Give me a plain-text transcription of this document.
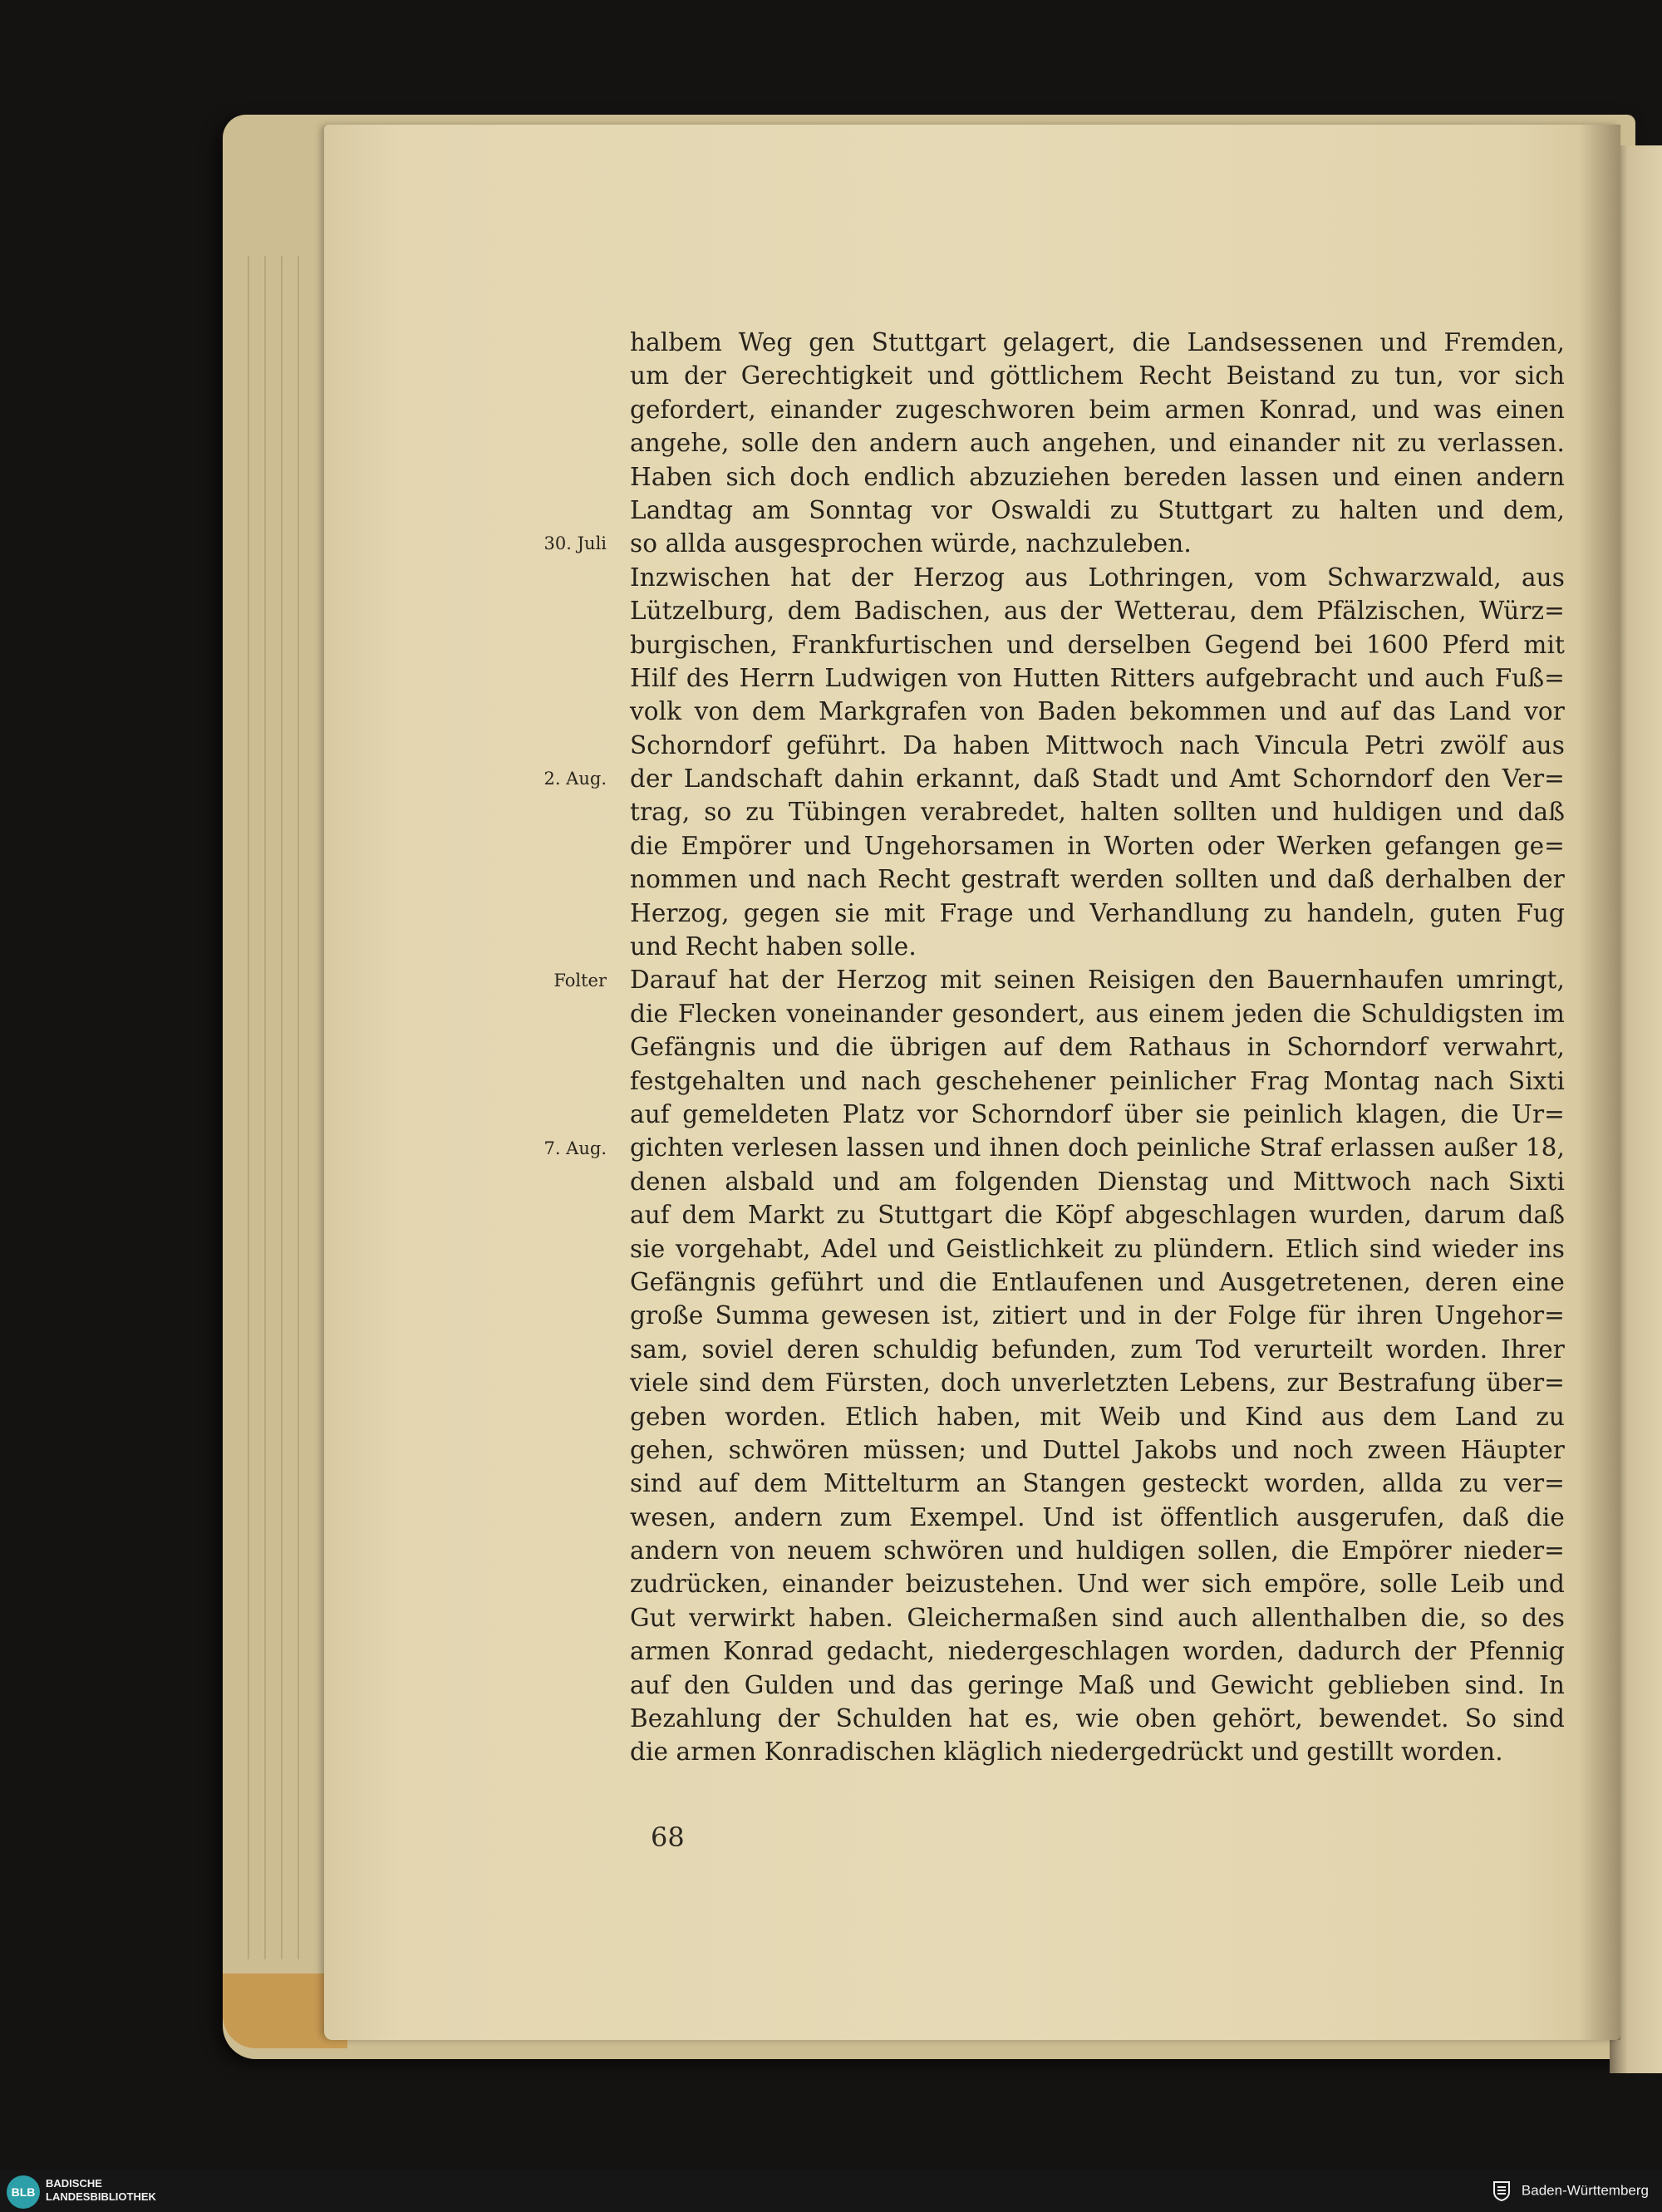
halbem Weg gen Stuttgart gelagert, die Landsessenen und Fremden,
um der Gerechtigkeit und göttlichem Recht Beistand zu tun, vor sich
gefordert, einander zugeschworen beim armen Konrad, und was einen
angehe, solle den andern auch angehen, und einander nit zu verlassen.
Haben sich doch endlich abzuziehen bereden lassen und einen andern
Landtag am Sonntag vor Oswaldi zu Stuttgart zu halten und dem,
so allda ausgesprochen würde, nachzuleben.
Inzwischen hat der Herzog aus Lothringen, vom Schwarzwald, aus
Lützelburg, dem Badischen, aus der Wetterau, dem Pfälzischen, Würz=
burgischen, Frankfurtischen und derselben Gegend bei 1600 Pferd mit
Hilf des Herrn Ludwigen von Hutten Ritters aufgebracht und auch Fuß=
volk von dem Markgrafen von Baden bekommen und auf das Land vor
Schorndorf geführt. Da haben Mittwoch nach Vincula Petri zwölf aus
der Landschaft dahin erkannt, daß Stadt und Amt Schorndorf den Ver=
trag, so zu Tübingen verabredet, halten sollten und huldigen und daß
die Empörer und Ungehorsamen in Worten oder Werken gefangen ge=
nommen und nach Recht gestraft werden sollten und daß derhalben der
Herzog, gegen sie mit Frage und Verhandlung zu handeln, guten Fug
und Recht haben solle.
Darauf hat der Herzog mit seinen Reisigen den Bauernhaufen umringt,
die Flecken voneinander gesondert, aus einem jeden die Schuldigsten im
Gefängnis und die übrigen auf dem Rathaus in Schorndorf verwahrt,
festgehalten und nach geschehener peinlicher Frag Montag nach Sixti
auf gemeldeten Platz vor Schorndorf über sie peinlich klagen, die Ur=
gichten verlesen lassen und ihnen doch peinliche Straf erlassen außer 18,
denen alsbald und am folgenden Dienstag und Mittwoch nach Sixti
auf dem Markt zu Stuttgart die Köpf abgeschlagen wurden, darum daß
sie vorgehabt, Adel und Geistlichkeit zu plündern. Etlich sind wieder ins
Gefängnis geführt und die Entlaufenen und Ausgetretenen, deren eine
große Summa gewesen ist, zitiert und in der Folge für ihren Ungehor=
sam, soviel deren schuldig befunden, zum Tod verurteilt worden. Ihrer
viele sind dem Fürsten, doch unverletzten Lebens, zur Bestrafung über=
geben worden. Etlich haben, mit Weib und Kind aus dem Land zu
gehen, schwören müssen; und Duttel Jakobs und noch zween Häupter
sind auf dem Mittelturm an Stangen gesteckt worden, allda zu ver=
wesen, andern zum Exempel. Und ist öffentlich ausgerufen, daß die
andern von neuem schwören und huldigen sollen, die Empörer nieder=
zudrücken, einander beizustehen. Und wer sich empöre, solle Leib und
Gut verwirkt haben. Gleichermaßen sind auch allenthalben die, so des
armen Konrad gedacht, niedergeschlagen worden, dadurch der Pfennig
auf den Gulden und das geringe Maß und Gewicht geblieben sind. In
Bezahlung der Schulden hat es, wie oben gehört, bewendet. So sind
die armen Konradischen kläglich niedergedrückt und gestillt worden.
30. Juli
2. Aug.
Folter
7. Aug.
68
BLB
BADISCHE
LANDESBIBLIOTHEK	Baden-Württemberg
